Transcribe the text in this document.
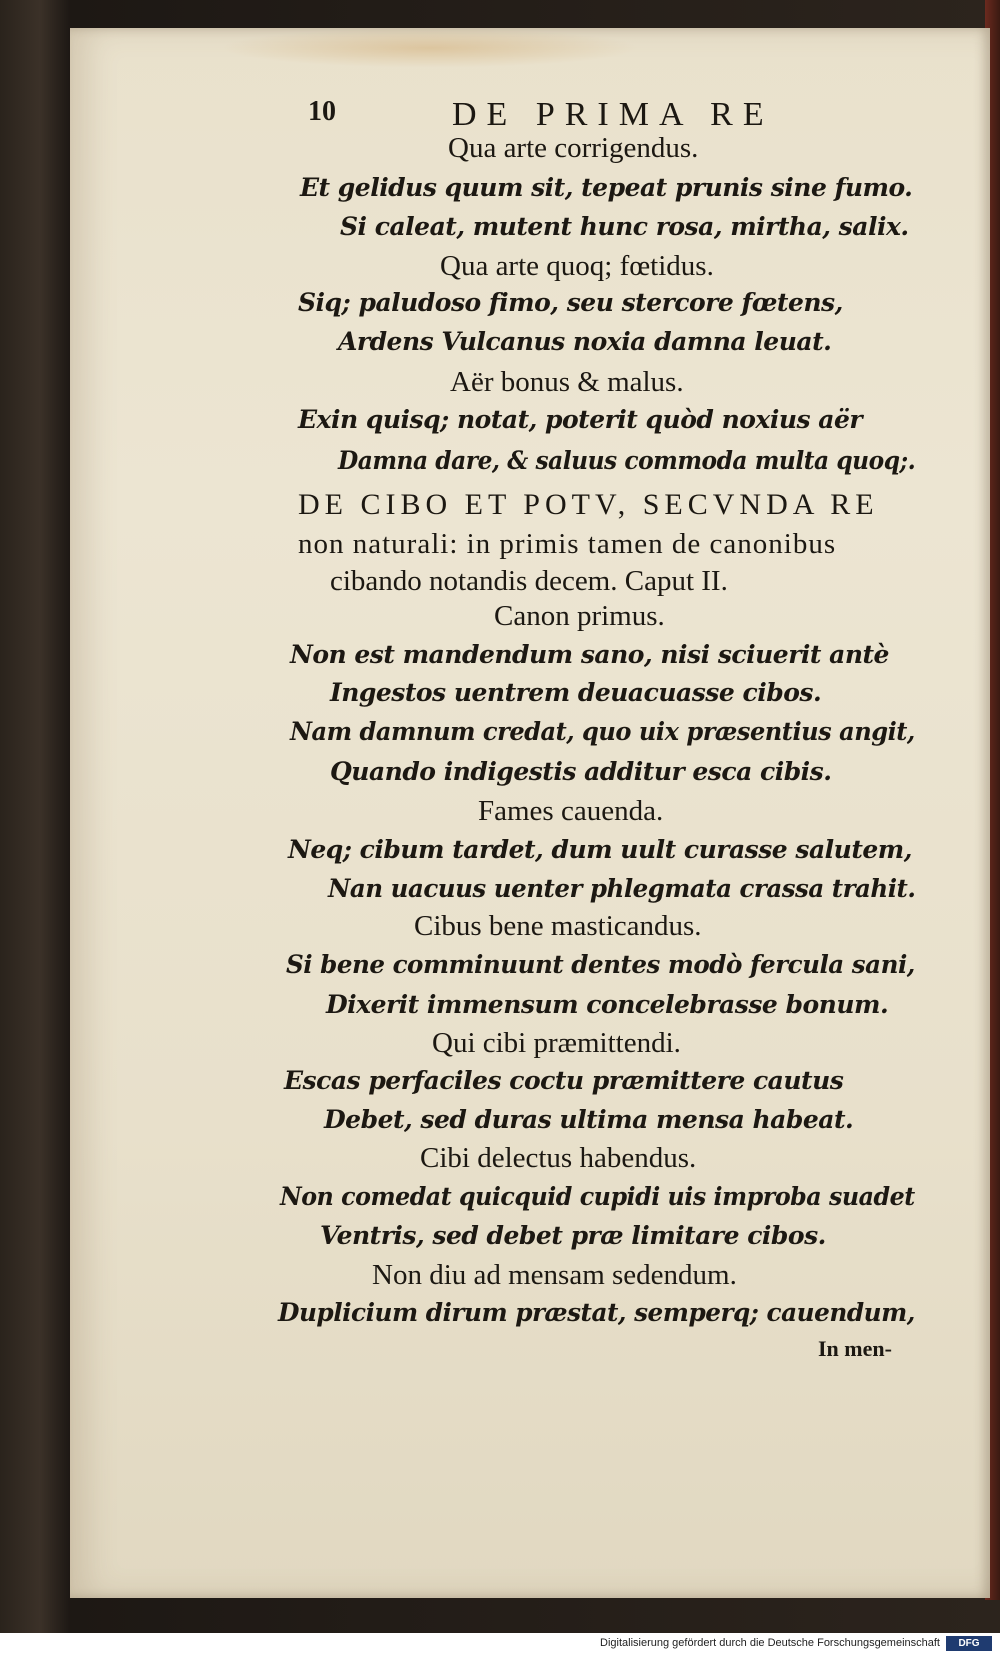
10	DE PRIMA RE
Qua arte corrigendus.
Et gelidus quum sit, tepeat prunis sine fumo.
Si caleat, mutent hunc rosa, mirtha, salix.
Qua arte quoq; fœtidus.
Siq; paludoso fimo, seu stercore fœtens,
Ardens Vulcanus noxia damna leuat.
Aër bonus & malus.
Exin quisq; notat, poterit quòd noxius aër
Damna dare, & saluus commoda multa quoq;.
DE CIBO ET POTV, SECVNDA RE
non naturali: in primis tamen de canonibus
cibando notandis decem. Caput II.
Canon primus.
Non est mandendum sano, nisi sciuerit antè
Ingestos uentrem deuacuasse cibos.
Nam damnum credat, quo uix præsentius angit,
Quando indigestis additur esca cibis.
Fames cauenda.
Neq; cibum tardet, dum uult curasse salutem,
Nan uacuus uenter phlegmata crassa trahit.
Cibus bene masticandus.
Si bene comminuunt dentes modò fercula sani,
Dixerit immensum concelebrasse bonum.
Qui cibi præmittendi.
Escas perfaciles coctu præmittere cautus
Debet, sed duras ultima mensa habeat.
Cibi delectus habendus.
Non comedat quicquid cupidi uis improba suadet
Ventris, sed debet præ limitare cibos.
Non diu ad mensam sedendum.
Duplicium dirum præstat, semperq; cauendum,
In men-
Digitalisierung gefördert durch die Deutsche Forschungsgemeinschaft	DFG
